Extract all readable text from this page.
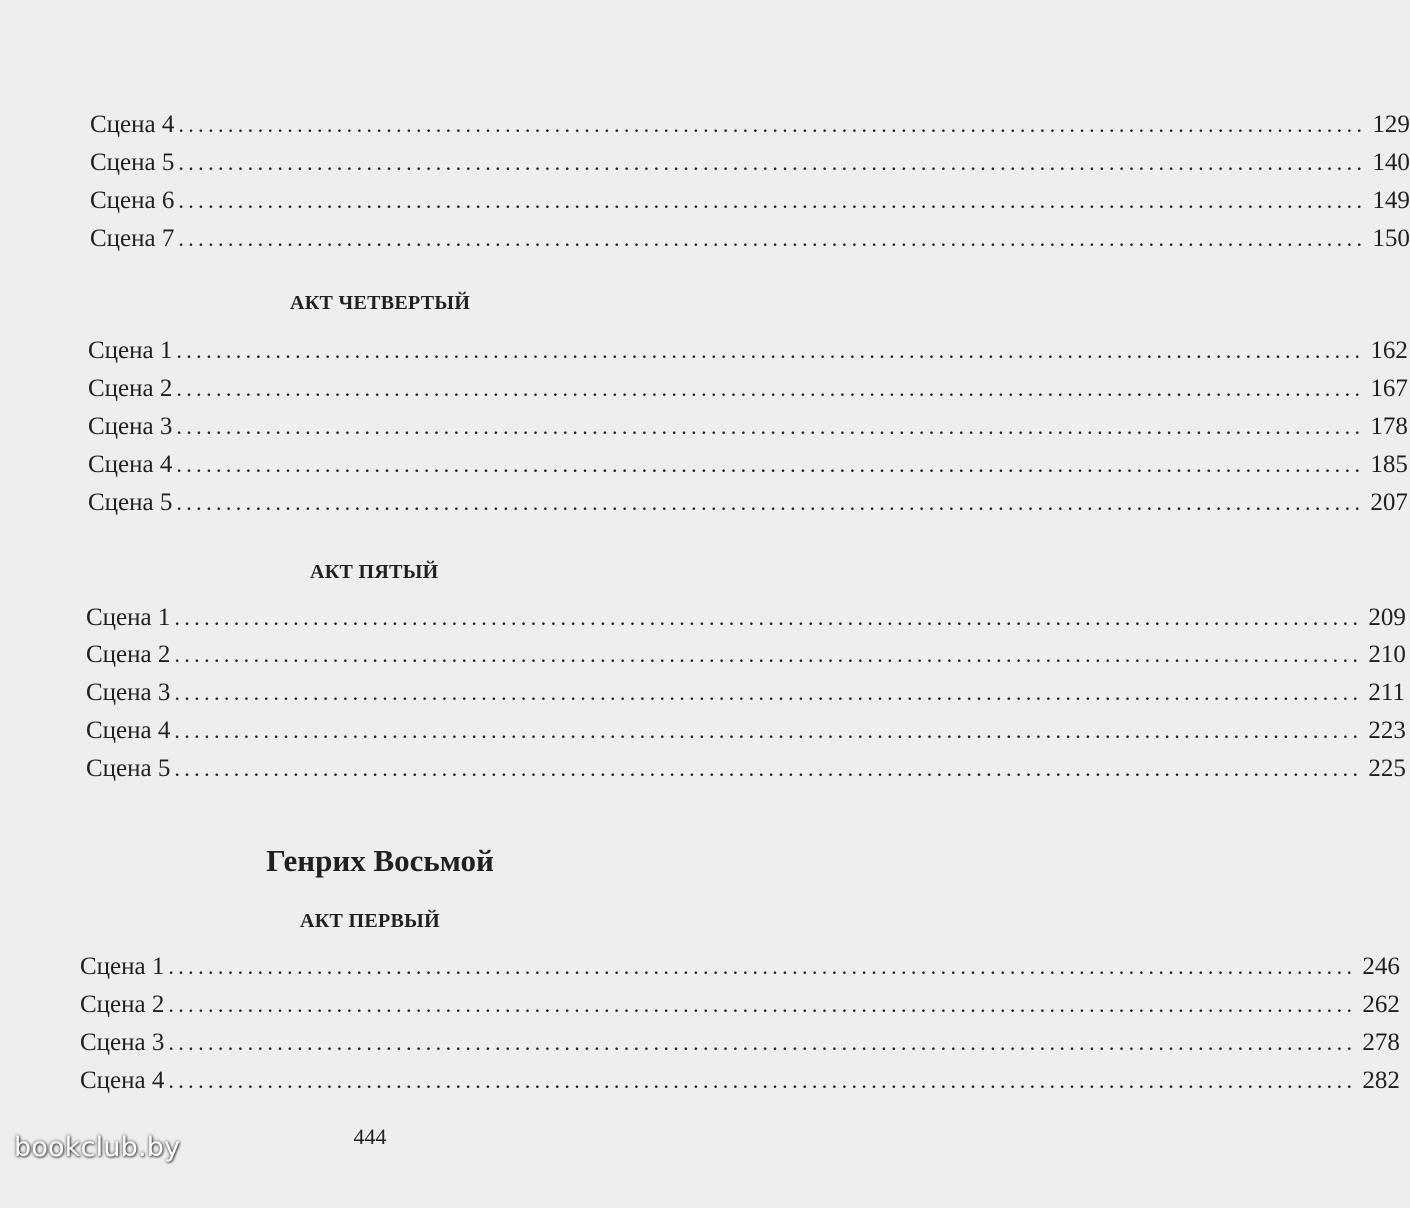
Сцена 4 ........................................................................................................................ 129
Сцена 5 ........................................................................................................................ 140
Сцена 6 ........................................................................................................................ 149
Сцена 7 ........................................................................................................................ 150
АКТ ЧЕТВЕРТЫЙ
Сцена 1 ........................................................................................................................ 162
Сцена 2 ........................................................................................................................ 167
Сцена 3 ........................................................................................................................ 178
Сцена 4 ........................................................................................................................ 185
Сцена 5 ........................................................................................................................ 207
АКТ ПЯТЫЙ
Сцена 1 ........................................................................................................................ 209
Сцена 2 ........................................................................................................................ 210
Сцена 3 ........................................................................................................................ 211
Сцена 4 ........................................................................................................................ 223
Сцена 5 ........................................................................................................................ 225
Генрих Восьмой
АКТ ПЕРВЫЙ
Сцена 1 ........................................................................................................................ 246
Сцена 2 ........................................................................................................................ 262
Сцена 3 ........................................................................................................................ 278
Сцена 4 ........................................................................................................................ 282
444
bookclub.by
